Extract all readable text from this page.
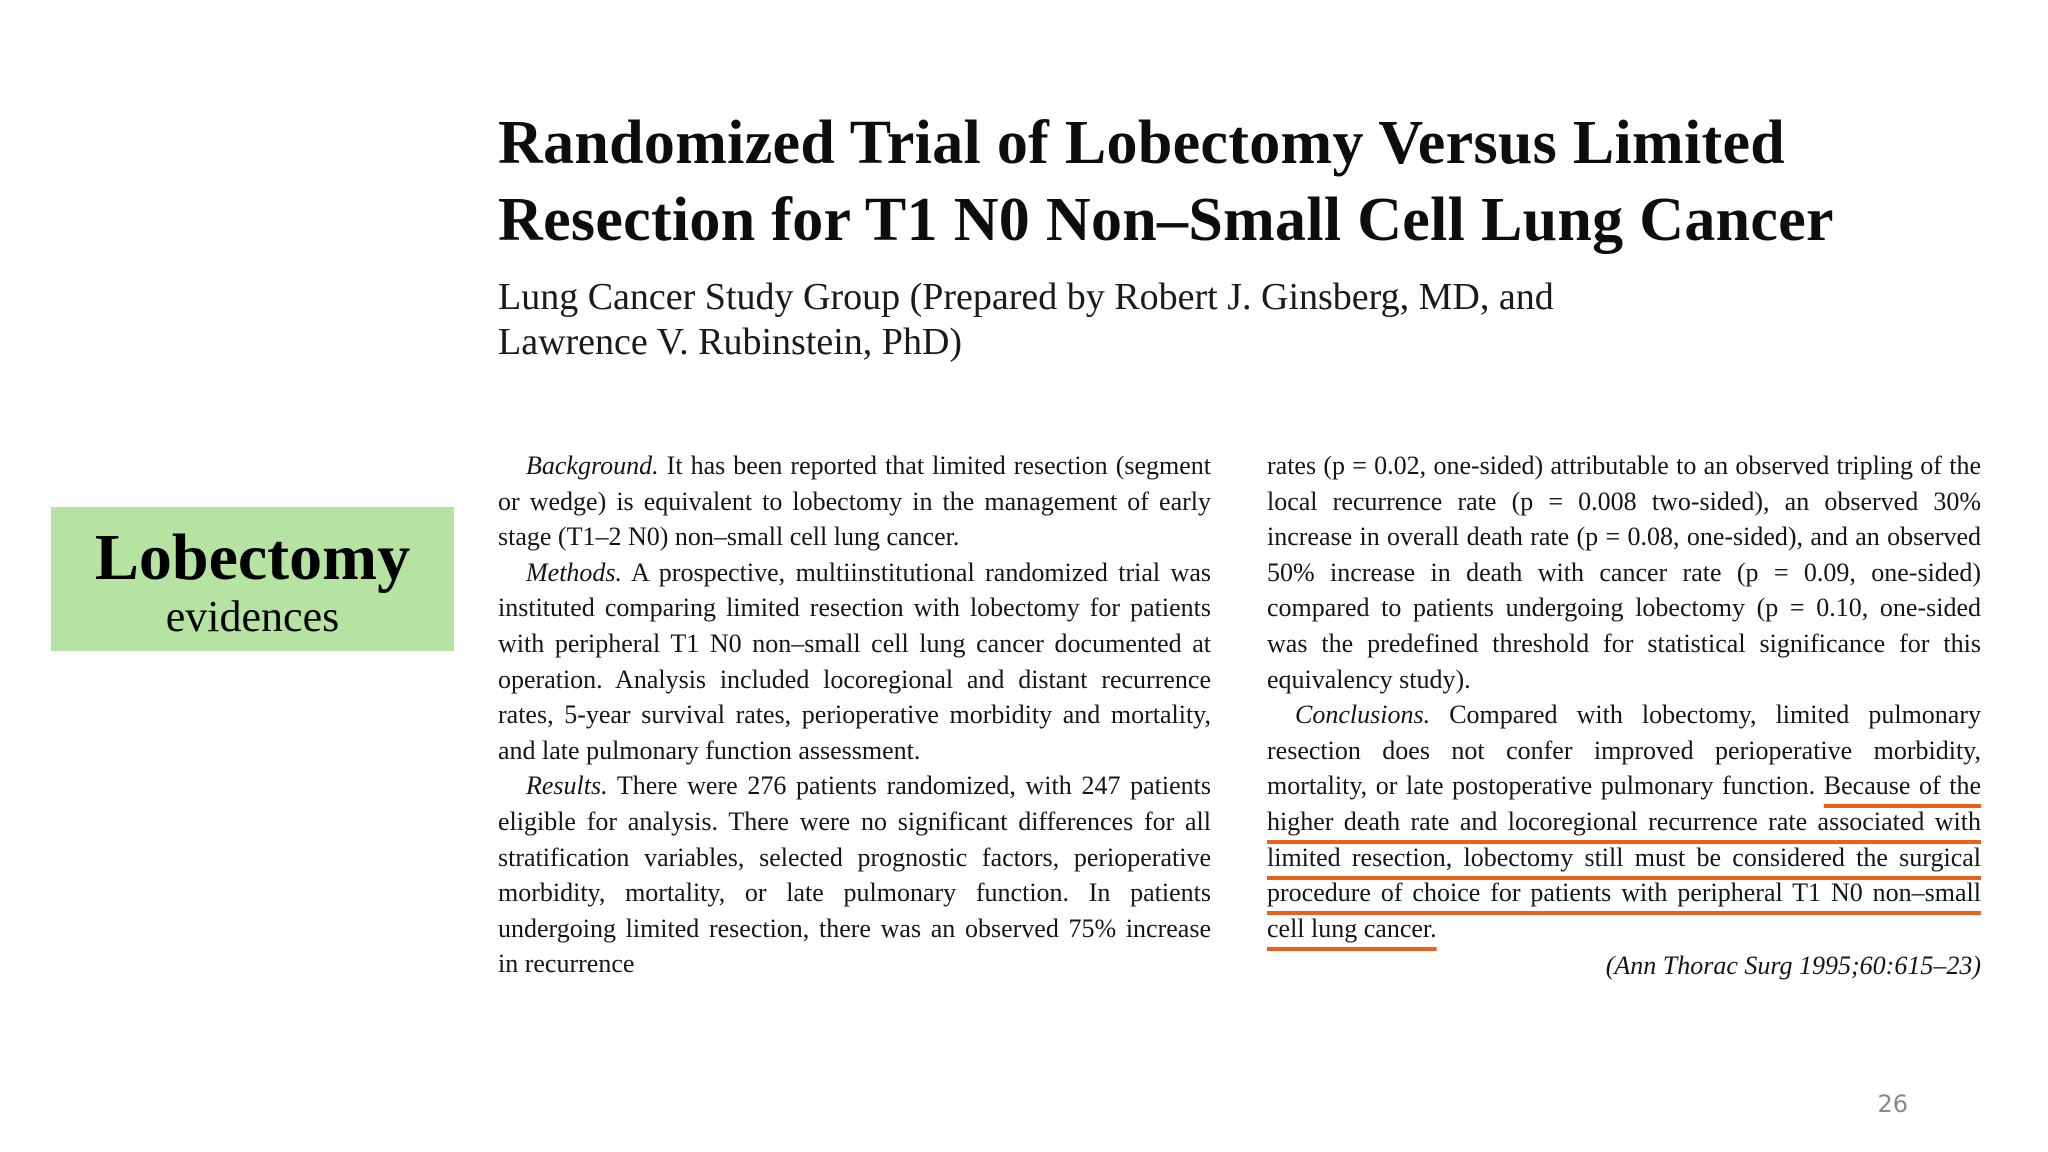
Lobectomy
evidences
Randomized Trial of Lobectomy Versus Limited
Resection for T1 N0 Non–Small Cell Lung Cancer

Lung Cancer Study Group (Prepared by Robert J. Ginsberg, MD, and
Lawrence V. Rubinstein, PhD)

Background. It has been reported that limited resection (segment or wedge) is equivalent to lobectomy in the management of early stage (T1–2 N0) non–small cell lung cancer.

Methods. A prospective, multiinstitutional randomized trial was instituted comparing limited resection with lobectomy for patients with peripheral T1 N0 non–small cell lung cancer documented at operation. Analysis included locoregional and distant recurrence rates, 5-year survival rates, perioperative morbidity and mortality, and late pulmonary function assessment.

Results. There were 276 patients randomized, with 247 patients eligible for analysis. There were no significant differences for all stratification variables, selected prognostic factors, perioperative morbidity, mortality, or late pulmonary function. In patients undergoing limited resection, there was an observed 75% increase in recurrence

rates (p = 0.02, one-sided) attributable to an observed tripling of the local recurrence rate (p = 0.008 two-sided), an observed 30% increase in overall death rate (p = 0.08, one-sided), and an observed 50% increase in death with cancer rate (p = 0.09, one-sided) compared to patients undergoing lobectomy (p = 0.10, one-sided was the predefined threshold for statistical significance for this equivalency study).

Conclusions. Compared with lobectomy, limited pulmonary resection does not confer improved perioperative morbidity, mortality, or late postoperative pulmonary function. Because of the higher death rate and locoregional recurrence rate associated with limited resection, lobectomy still must be considered the surgical procedure of choice for patients with peripheral T1 N0 non–small cell lung cancer.

(Ann Thorac Surg 1995;60:615–23)
26
